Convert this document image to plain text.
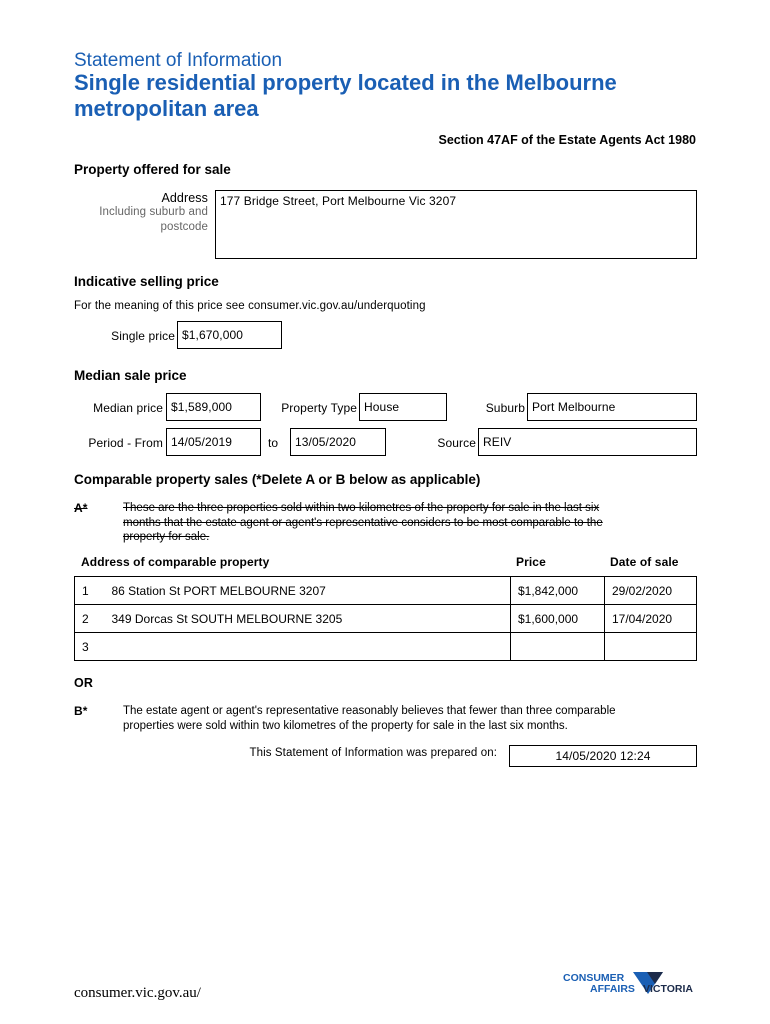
Statement of Information
Single residential property located in the Melbourne
metropolitan area
Section 47AF of the Estate Agents Act 1980
Property offered for sale
Address
Including suburb and
postcode
177 Bridge Street, Port Melbourne Vic 3207
Indicative selling price
For the meaning of this price see consumer.vic.gov.au/underquoting
Single price $1,670,000
Median sale price
Median price $1,589,000	Property Type House	Suburb Port Melbourne
Period - From 14/05/2019	to	13/05/2020	Source REIV
Comparable property sales (*Delete A or B below as applicable)
A*	These are the three properties sold within two kilometres of the property for sale in the last six
months that the estate agent or agent's representative considers to be most comparable to the
property for sale.
Address of comparable property	Price	Date of sale
1	86 Station St PORT MELBOURNE 3207	$1,842,000	29/02/2020
2	349 Dorcas St SOUTH MELBOURNE 3205	$1,600,000	17/04/2020
3			
OR
B*	The estate agent or agent's representative reasonably believes that fewer than three comparable
properties were sold within two kilometres of the property for sale in the last six months.
This Statement of Information was prepared on:	14/05/2020 12:24
consumer.vic.gov.au/
CONSUMER
AFFAIRS VICTORIA
